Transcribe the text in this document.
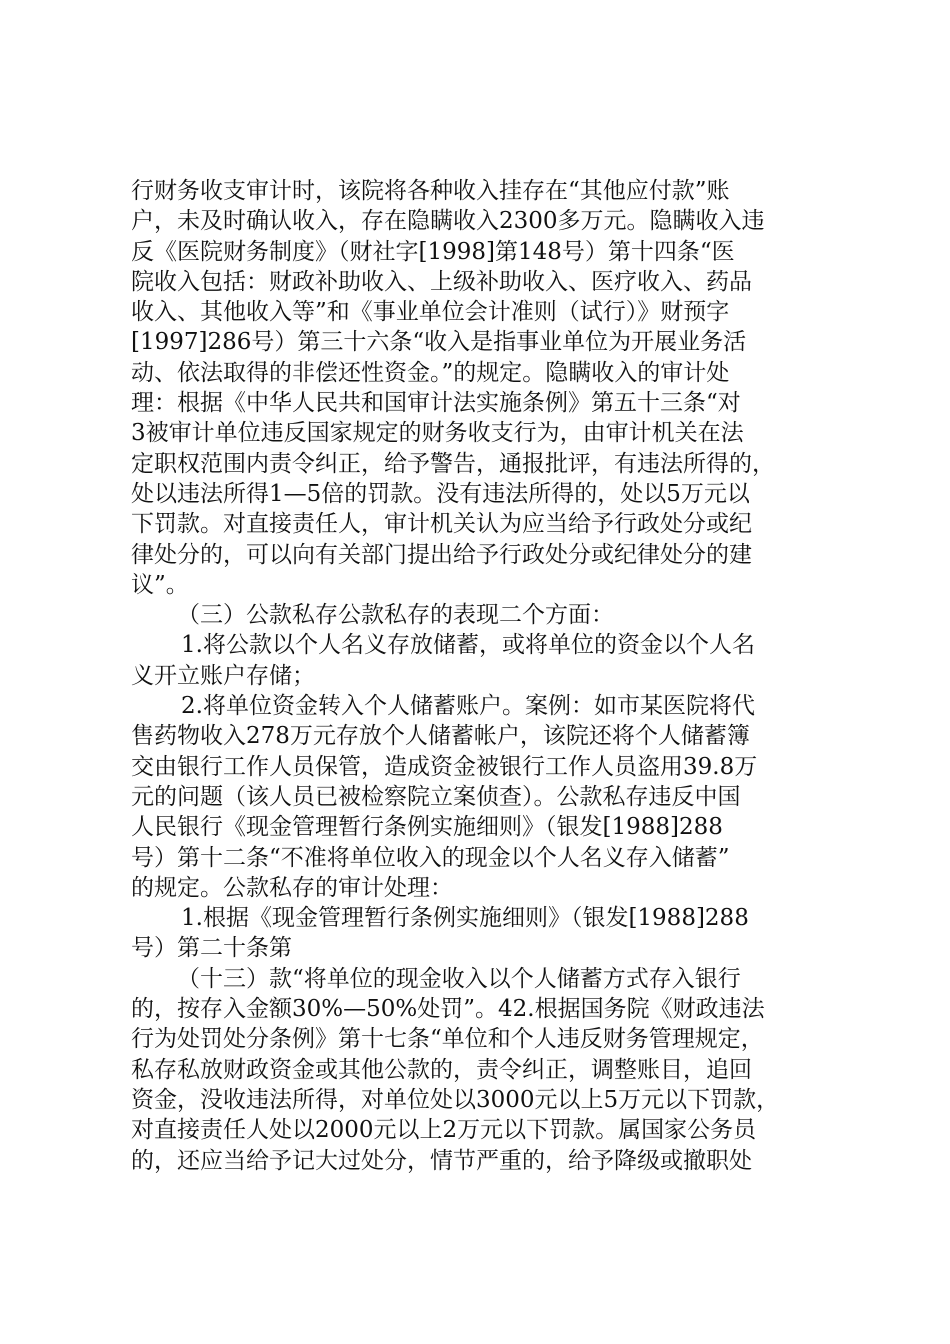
行财务收支审计时，该院将各种收入挂存在“其他应付款”账
户，未及时确认收入，存在隐瞒收入2300多万元。隐瞒收入违
反《医院财务制度》（财社字[1998]第148号）第十四条“医
院收入包括：财政补助收入、上级补助收入、医疗收入、药品
收入、其他收入等”和《事业单位会计准则（试行）》财预字
[1997]286号）第三十六条“收入是指事业单位为开展业务活
动、依法取得的非偿还性资金。”的规定。隐瞒收入的审计处
理：根据《中华人民共和国审计法实施条例》第五十三条“对
3被审计单位违反国家规定的财务收支行为，由审计机关在法
定职权范围内责令纠正，给予警告，通报批评，有违法所得的，
处以违法所得1—5倍的罚款。没有违法所得的，处以5万元以
下罚款。对直接责任人，审计机关认为应当给予行政处分或纪
律处分的，可以向有关部门提出给予行政处分或纪律处分的建
议”。
（三）公款私存公款私存的表现二个方面：
1.将公款以个人名义存放储蓄，或将单位的资金以个人名
义开立账户存储；
2.将单位资金转入个人储蓄账户。案例：如市某医院将代
售药物收入278万元存放个人储蓄帐户，该院还将个人储蓄簿
交由银行工作人员保管，造成资金被银行工作人员盗用39.8万
元的问题（该人员已被检察院立案侦查）。公款私存违反中国
人民银行《现金管理暂行条例实施细则》（银发[1988]288
号）第十二条“不准将单位收入的现金以个人名义存入储蓄”
的规定。公款私存的审计处理：
1.根据《现金管理暂行条例实施细则》（银发[1988]288
号）第二十条第
（十三）款“将单位的现金收入以个人储蓄方式存入银行
的，按存入金额30%—50%处罚”。42.根据国务院《财政违法
行为处罚处分条例》第十七条“单位和个人违反财务管理规定，
私存私放财政资金或其他公款的，责令纠正，调整账目，追回
资金，没收违法所得，对单位处以3000元以上5万元以下罚款，
对直接责任人处以2000元以上2万元以下罚款。属国家公务员
的，还应当给予记大过处分，情节严重的，给予降级或撤职处
